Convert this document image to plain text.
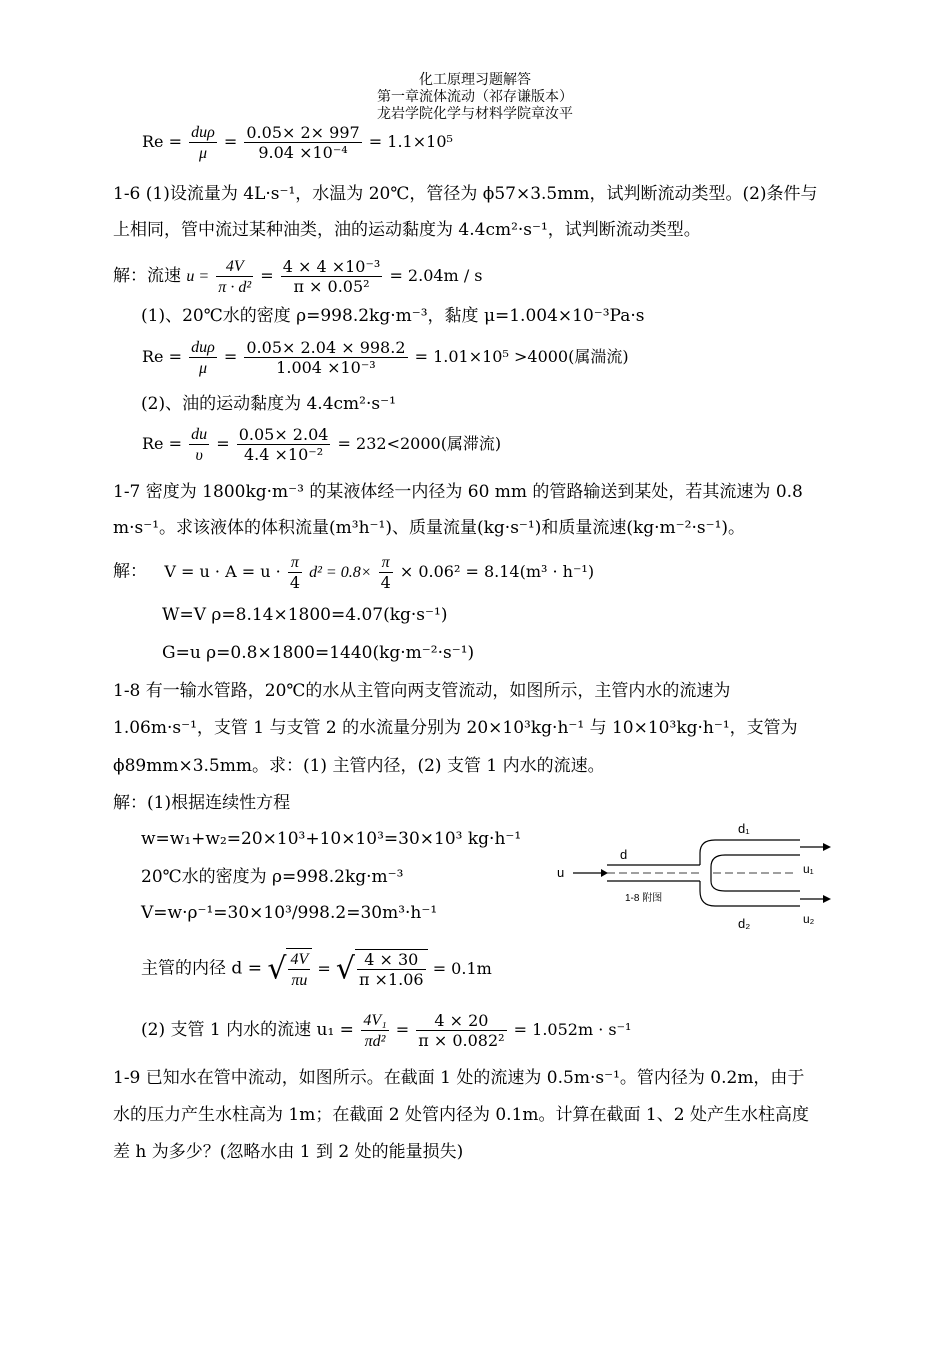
化工原理习题解答
第一章流体流动（祁存谦版本）
龙岩学院化学与材料学院章汝平
$Re = \frac{\text{duρ}}{\mu} = \frac{0.05\times 2\times 997}{\text{9.04 ×10⁻⁴}} = 1.1\times 10^5$
1-6 (1)设流量为 4L·s⁻¹，水温为 20℃，管径为 ϕ57×3.5mm，试判断流动类型。(2)条件与
上相同，管中流过某种油类，油的运动黏度为 4.4cm²·s⁻¹，试判断流动类型。
解：流速 $u = \frac{4V}{\text{π · d²}} = \frac{\text{4 × 4 ×10⁻³}}{\text{π × 0.05²}} = 2.04m / s$
(1)、20℃水的密度 ρ=998.2kg·m⁻³，黏度 μ=1.004×10⁻³Pa·s
$Re = \frac{\text{duρ}}{\mu} = \frac{0.05\times 2.04 \times 998.2}{\text{1.004 ×10⁻³}} = 1.01\times 10^5 >4000$(属湍流)
(2)、油的运动黏度为 4.4cm²·s⁻¹
$Re = \frac{du}{\upsilon} = \frac{0.05\times 2.04}{\text{4.4 ×10⁻²}} = 232<2000$(属滞流)
1-7 密度为 1800kg·m⁻³ 的某液体经一内径为 60 mm 的管路输送到某处，若其流速为 0.8
m·s⁻¹。求该液体的体积流量(m³h⁻¹)、质量流量(kg·s⁻¹)和质量流速(kg·m⁻²·s⁻¹)。
解： $V = u \cdot A = u \cdot \frac{\pi}{4} d^2 = 0.8\times \frac{\pi}{4} \times 0.06^2 = 8.14(m^3 \cdot h^{-1})$
W=V ρ=8.14×1800=4.07(kg·s⁻¹)
G=u ρ=0.8×1800=1440(kg·m⁻²·s⁻¹)
1-8 有一输水管路，20℃的水从主管向两支管流动，如图所示，主管内水的流速为
1.06m·s⁻¹，支管 1 与支管 2 的水流量分别为 20×10³kg·h⁻¹ 与 10×10³kg·h⁻¹，支管为
ϕ89mm×3.5mm。求：(1) 主管内径，(2) 支管 1 内水的流速。
解：(1)根据连续性方程
w=w₁+w₂=20×10³+10×10³=30×10³ kg·h⁻¹
20℃水的密度为 ρ=998.2kg·m⁻³
V=w·ρ⁻¹=30×10³/998.2=30m³·h⁻¹
d₁
d
u	u₁
1-8 附图
d₂	u₂
主管的内径 d = √ $\frac{4V}{\pi u}$ = √ $\frac{4 \times 30}{\pi \times 1.06} = 0.1m$
(2) 支管 1 内水的流速 $u_1 = \frac{\text{4V₁}}{\text{πd²}} = \frac{4 \times 20}{\text{π × 0.082²}} = 1.052m \cdot s^{-1}$
1-9 已知水在管中流动，如图所示。在截面 1 处的流速为 0.5m·s⁻¹。管内径为 0.2m，由于
水的压力产生水柱高为 1m；在截面 2 处管内径为 0.1m。计算在截面 1、2 处产生水柱高度
差 h 为多少？(忽略水由 1 到 2 处的能量损失)
